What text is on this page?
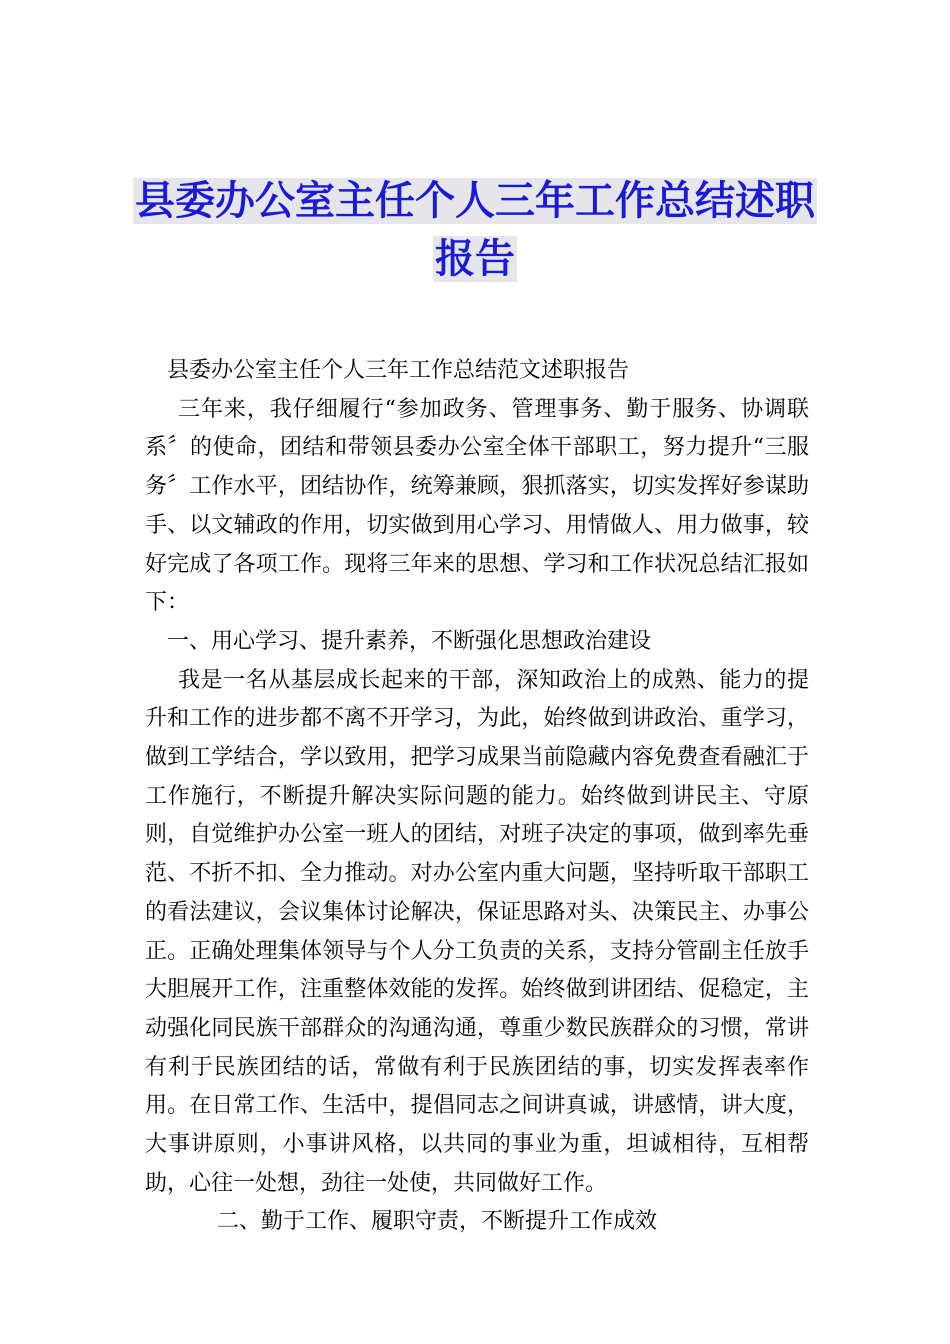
县委办公室主任个人三年工作总结述职
报告

县委办公室主任个人三年工作总结范文述职报告

三年来，我仔细履行“参加政务、管理事务、勤于服务、协调联系〞的使命，团结和带领县委办公室全体干部职工，努力提升“三服务〞工作水平，团结协作，统筹兼顾，狠抓落实，切实发挥好参谋助手、以文辅政的作用，切实做到用心学习、用情做人、用力做事，较好完成了各项工作。现将三年来的思想、学习和工作状况总结汇报如下：

一、用心学习、提升素养，不断强化思想政治建设

我是一名从基层成长起来的干部，深知政治上的成熟、能力的提升和工作的进步都不离不开学习，为此，始终做到讲政治、重学习，做到工学结合，学以致用，把学习成果当前隐藏内容免费查看融汇于工作施行，不断提升解决实际问题的能力。始终做到讲民主、守原则，自觉维护办公室一班人的团结，对班子决定的事项，做到率先垂范、不折不扣、全力推动。对办公室内重大问题，坚持听取干部职工的看法建议，会议集体讨论解决，保证思路对头、决策民主、办事公正。正确处理集体领导与个人分工负责的关系，支持分管副主任放手大胆展开工作，注重整体效能的发挥。始终做到讲团结、促稳定，主动强化同民族干部群众的沟通沟通，尊重少数民族群众的习惯，常讲有利于民族团结的话，常做有利于民族团结的事，切实发挥表率作用。在日常工作、生活中，提倡同志之间讲真诚，讲感情，讲大度，大事讲原则，小事讲风格，以共同的事业为重，坦诚相待，互相帮助，心往一处想，劲往一处使，共同做好工作。

二、勤于工作、履职守责，不断提升工作成效
